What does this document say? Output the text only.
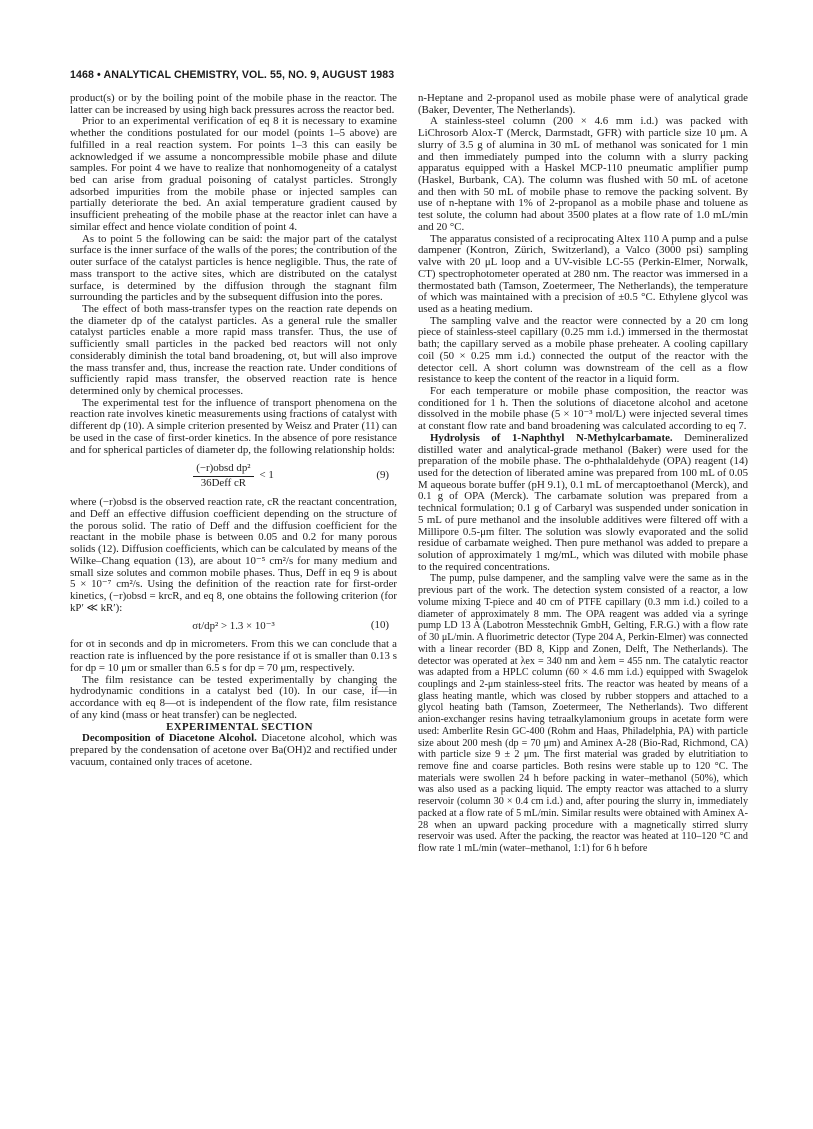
1468 • ANALYTICAL CHEMISTRY, VOL. 55, NO. 9, AUGUST 1983

product(s) or by the boiling point of the mobile phase in the reactor. The latter can be increased by using high back pressures across the reactor bed.

Prior to an experimental verification of eq 8 it is necessary to examine whether the conditions postulated for our model (points 1–5 above) are fulfilled in a real reaction system. For points 1–3 this can easily be acknowledged if we assume a noncompressible mobile phase and dilute samples. For point 4 we have to realize that nonhomogeneity of a catalyst bed can arise from gradual poisoning of catalyst particles. Strongly adsorbed impurities from the mobile phase or injected samples can partially deteriorate the bed. An axial temperature gradient caused by insufficient preheating of the mobile phase at the reactor inlet can have a similar effect and hence violate condition of point 4.

As to point 5 the following can be said: the major part of the catalyst surface is the inner surface of the walls of the pores; the contribution of the outer surface of the catalyst particles is hence negligible. Thus, the rate of mass transport to the active sites, which are distributed on the catalyst surface, is determined by the diffusion through the stagnant film surrounding the particles and by the subsequent diffusion into the pores.

The effect of both mass-transfer types on the reaction rate depends on the diameter dp of the catalyst particles. As a general rule the smaller catalyst particles enable a more rapid mass transfer. Thus, the use of sufficiently small particles in the packed bed reactors will not only considerably diminish the total band broadening, σt, but will also improve the mass transfer and, thus, increase the reaction rate. Under conditions of sufficiently rapid mass transfer, the observed reaction rate is hence determined only by chemical processes.

The experimental test for the influence of transport phenomena on the reaction rate involves kinetic measurements using fractions of catalyst with different dp (10). A simple criterion presented by Weisz and Prater (11) can be used in the case of first-order kinetics. In the absence of pore resistance and for spherical particles of diameter dp, the following relationship holds:

$\frac{\text{(−r)obsd dp²}}{\text{36Deff cR}} < 1$	(9)

where (−r)obsd is the observed reaction rate, cR the reactant concentration, and Deff an effective diffusion coefficient depending on the structure of the porous solid. The ratio of Deff and the diffusion coefficient for the reactant in the mobile phase is between 0.05 and 0.2 for many porous solids (12). Diffusion coefficients, which can be calculated by means of the Wilke–Chang equation (13), are about 10⁻⁵ cm²/s for many medium and small size solutes and common mobile phases. Thus, Deff in eq 9 is about 5 × 10⁻⁷ cm²/s. Using the definition of the reaction rate for first-order kinetics, (−r)obsd = krcR, and eq 8, one obtains the following criterion (for kP′ ≪ kR′):

σt/dp² > 1.3 × 10⁻³	(10)

for σt in seconds and dp in micrometers. From this we can conclude that a reaction rate is influenced by the pore resistance if σt is smaller than 0.13 s for dp = 10 μm or smaller than 6.5 s for dp = 70 μm, respectively.

The film resistance can be tested experimentally by changing the hydrodynamic conditions in a catalyst bed (10). In our case, if—in accordance with eq 8—σt is independent of the flow rate, film resistance of any kind (mass or heat transfer) can be neglected.

EXPERIMENTAL SECTION

Decomposition of Diacetone Alcohol. Diacetone alcohol, which was prepared by the condensation of acetone over Ba(OH)2 and rectified under vacuum, contained only traces of acetone.

n-Heptane and 2-propanol used as mobile phase were of analytical grade (Baker, Deventer, The Netherlands).

A stainless-steel column (200 × 4.6 mm i.d.) was packed with LiChrosorb Alox-T (Merck, Darmstadt, GFR) with particle size 10 μm. A slurry of 3.5 g of alumina in 30 mL of methanol was sonicated for 1 min and then immediately pumped into the column with a slurry packing apparatus equipped with a Haskel MCP-110 pneumatic amplifier pump (Haskel, Burbank, CA). The column was flushed with 50 mL of acetone and then with 50 mL of mobile phase to remove the packing solvent. By use of n-heptane with 1% of 2-propanol as a mobile phase and toluene as test solute, the column had about 3500 plates at a flow rate of 1.0 mL/min and 20 °C.

The apparatus consisted of a reciprocating Altex 110 A pump and a pulse dampener (Kontron, Zürich, Switzerland), a Valco (3000 psi) sampling valve with 20 μL loop and a UV-visible LC-55 (Perkin-Elmer, Norwalk, CT) spectrophotometer operated at 280 nm. The reactor was immersed in a thermostated bath (Tamson, Zoetermeer, The Netherlands), the temperature of which was maintained with a precision of ±0.5 °C. Ethylene glycol was used as a heating medium.

The sampling valve and the reactor were connected by a 20 cm long piece of stainless-steel capillary (0.25 mm i.d.) immersed in the thermostat bath; the capillary served as a mobile phase preheater. A cooling capillary coil (50 × 0.25 mm i.d.) connected the output of the reactor with the detector cell. A short column was downstream of the cell as a flow resistance to keep the content of the reactor in a liquid form.

For each temperature or mobile phase composition, the reactor was conditioned for 1 h. Then the solutions of diacetone alcohol and acetone dissolved in the mobile phase (5 × 10⁻³ mol/L) were injected several times at constant flow rate and band broadening was calculated according to eq 7.

Hydrolysis of 1-Naphthyl N-Methylcarbamate. Demineralized distilled water and analytical-grade methanol (Baker) were used for the preparation of the mobile phase. The o-phthalaldehyde (OPA) reagent (14) used for the detection of liberated amine was prepared from 100 mL of 0.05 M aqueous borate buffer (pH 9.1), 0.1 mL of mercaptoethanol (Merck), and 0.1 g of OPA (Merck). The carbamate solution was prepared from a technical formulation; 0.1 g of Carbaryl was suspended under sonication in 5 mL of pure methanol and the insoluble additives were filtered off with a Millipore 0.5-μm filter. The solution was slowly evaporated and the solid residue of carbamate weighed. Then pure methanol was added to prepare a solution of approximately 1 mg/mL, which was diluted with mobile phase to the required concentrations.

The pump, pulse dampener, and the sampling valve were the same as in the previous part of the work. The detection system consisted of a reactor, a low volume mixing T-piece and 40 cm of PTFE capillary (0.3 mm i.d.) coiled to a diameter of approximately 8 mm. The OPA reagent was added via a syringe pump LD 13 A (Labotron Messtechnik GmbH, Gelting, F.R.G.) with a flow rate of 30 μL/min. A fluorimetric detector (Type 204 A, Perkin-Elmer) was connected with a linear recorder (BD 8, Kipp and Zonen, Delft, The Netherlands). The detector was operated at λex = 340 nm and λem = 455 nm. The catalytic reactor was adapted from a HPLC column (60 × 4.6 mm i.d.) equipped with Swagelok couplings and 2-μm stainless-steel frits. The reactor was heated by means of a glass heating mantle, which was closed by rubber stoppers and attached to a glycol heating bath (Tamson, Zoetermeer, The Netherlands). Two different anion-exchanger resins having tetraalkylamonium groups in acetate form were used: Amberlite Resin GC-400 (Rohm and Haas, Philadelphia, PA) with particle size about 200 mesh (dp = 70 μm) and Aminex A-28 (Bio-Rad, Richmond, CA) with particle size 9 ± 2 μm. The first material was graded by elutritiation to remove fine and coarse particles. Both resins were stable up to 120 °C. The materials were swollen 24 h before packing in water–methanol (50%), which was also used as a packing liquid. The empty reactor was attached to a slurry reservoir (column 30 × 0.4 cm i.d.) and, after pouring the slurry in, immediately packed at a flow rate of 5 mL/min. Similar results were obtained with Aminex A-28 when an upward packing procedure with a magnetically stirred slurry reservoir was used. After the packing, the reactor was heated at 110–120 °C and flow rate 1 mL/min (water–methanol, 1:1) for 6 h before
